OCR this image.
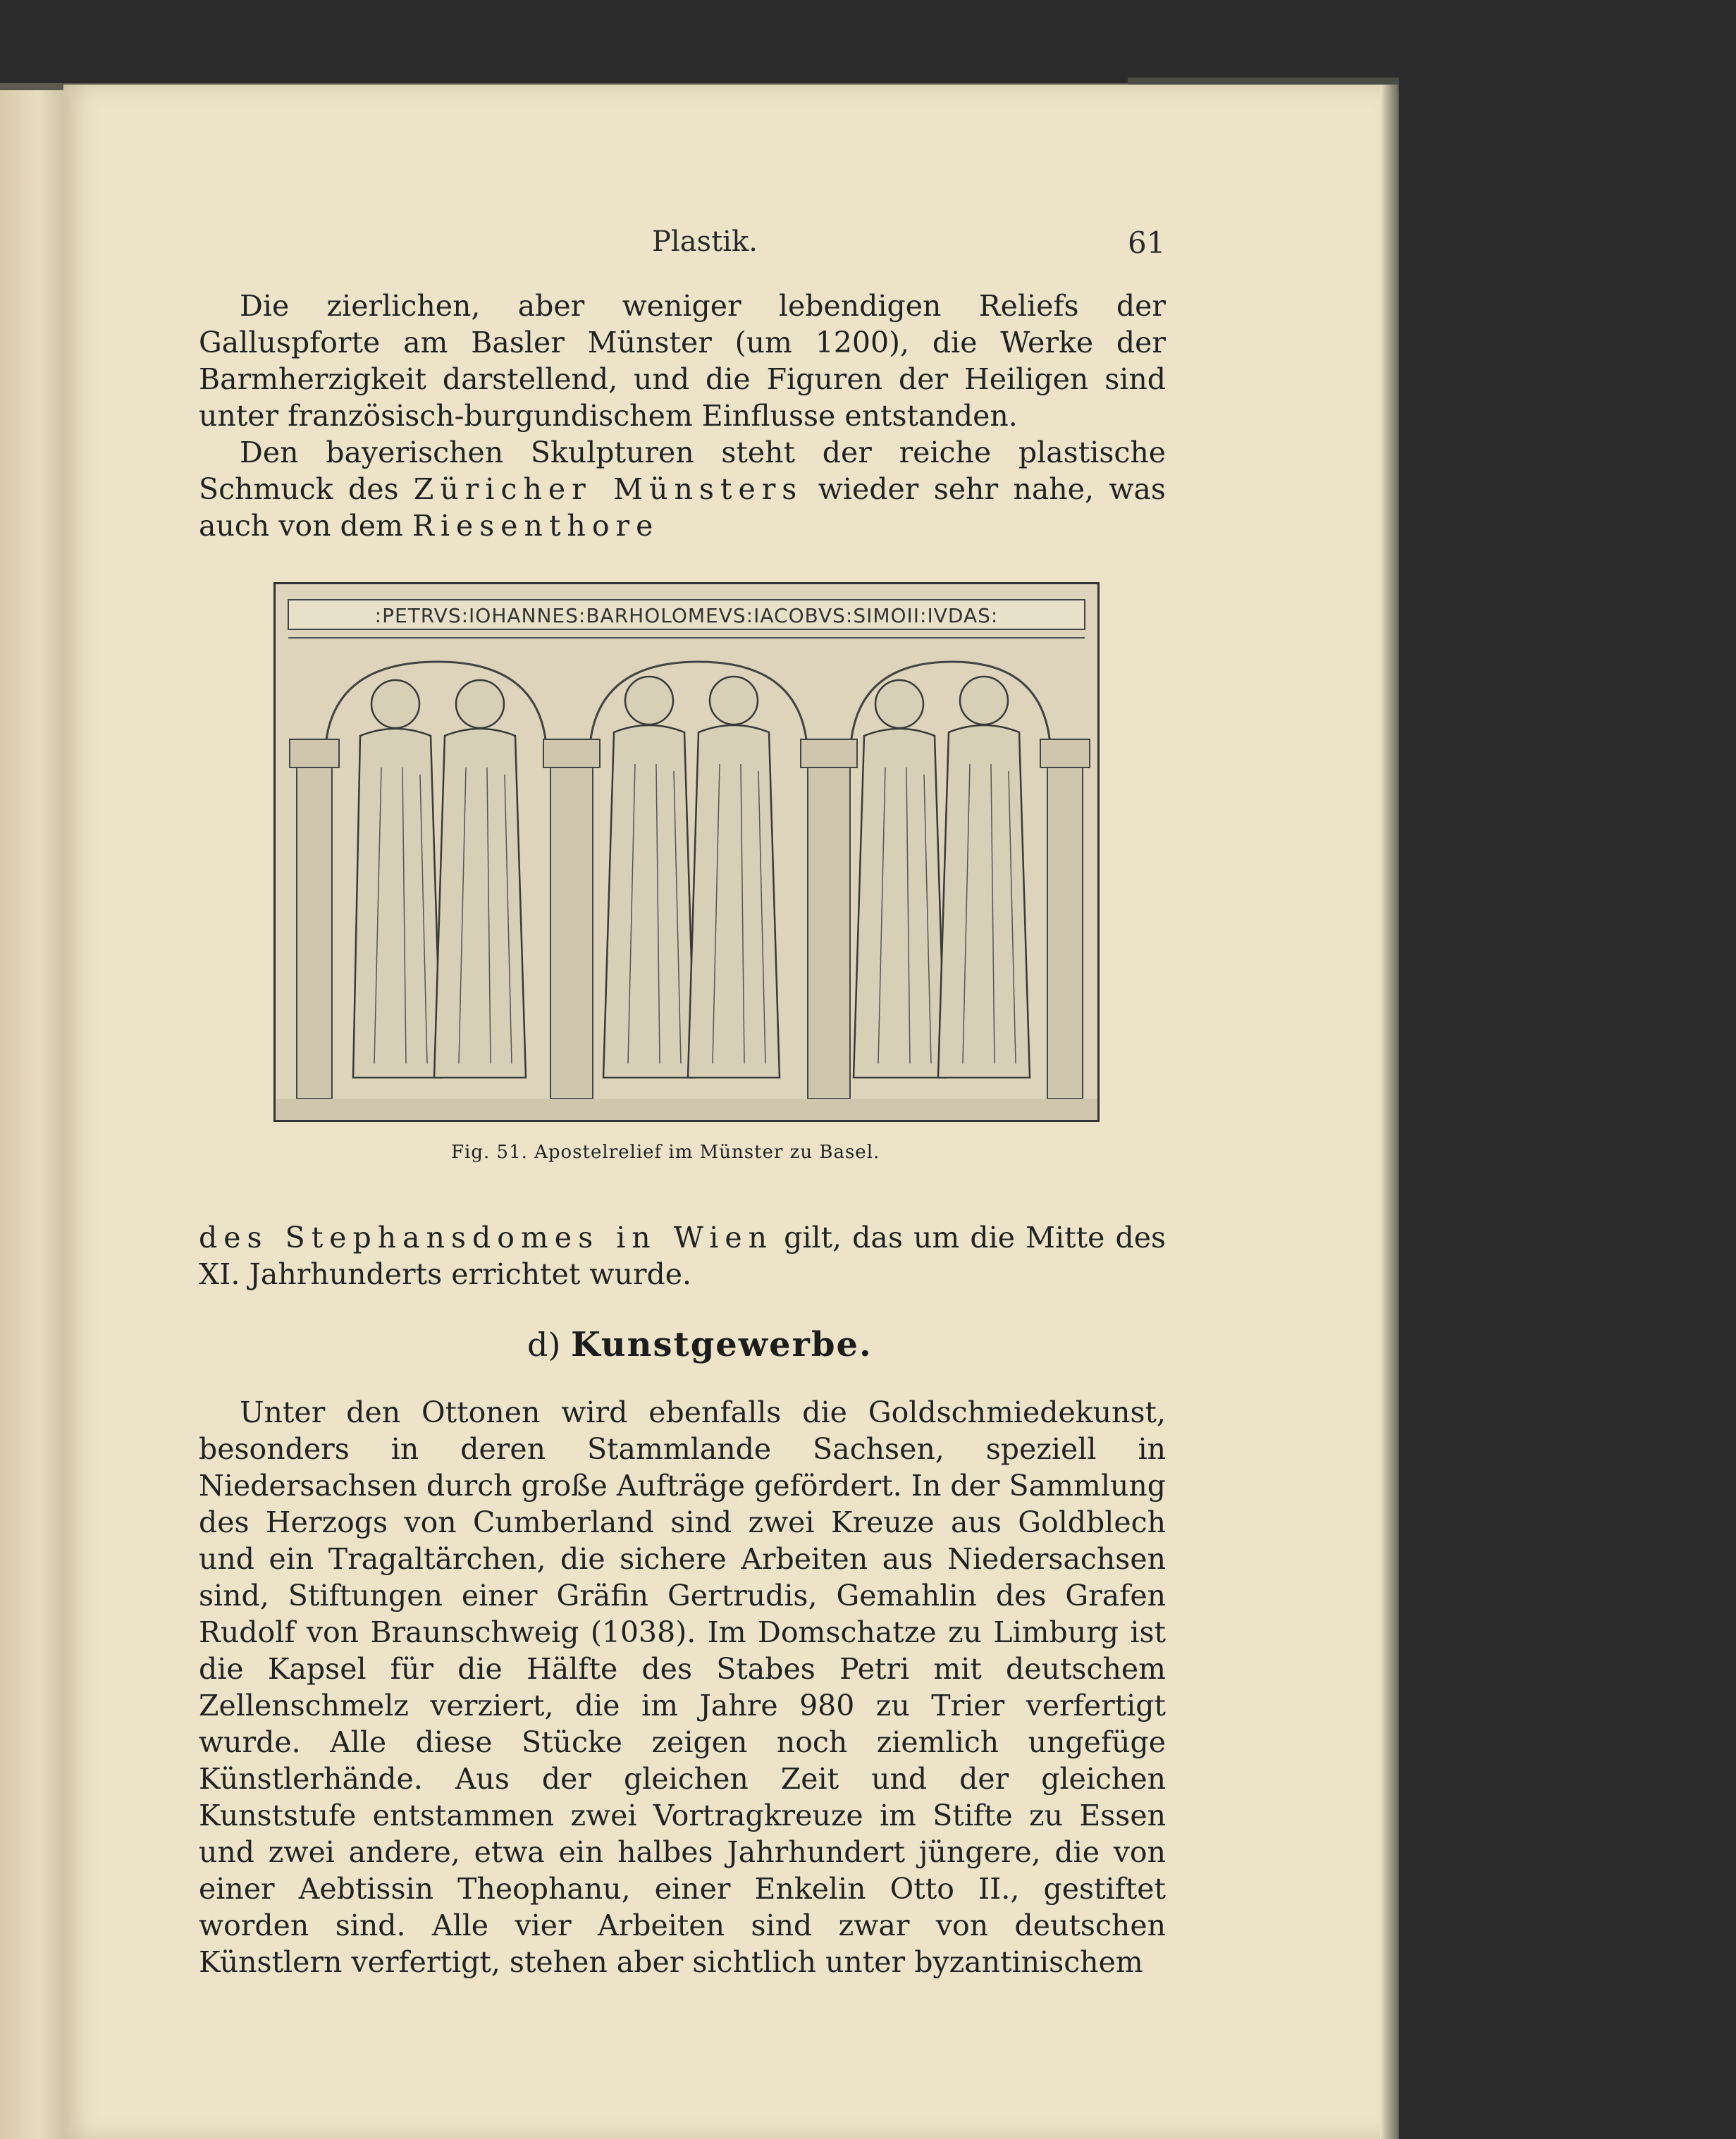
Plastik.	61

Die zierlichen, aber weniger lebendigen Reliefs der Galluspforte am Basler Münster (um 1200), die Werke der Barmherzigkeit darstellend, und die Figuren der Heiligen sind unter französisch-burgundischem Einflusse entstanden.

Den bayerischen Skulpturen steht der reiche plastische Schmuck des Züricher Münsters wieder sehr nahe, was auch von dem Riesenthore

:PETRVS:IOHANNES:BARHOLOMEVS:IACOBVS:SIMOII:IVDAS:
Fig. 51. Apostelrelief im Münster zu Basel.

des Stephansdomes in Wien gilt, das um die Mitte des XI. Jahrhunderts errichtet wurde.

d) Kunstgewerbe.

Unter den Ottonen wird ebenfalls die Goldschmiedekunst, besonders in deren Stammlande Sachsen, speziell in Niedersachsen durch große Aufträge gefördert. In der Sammlung des Herzogs von Cumberland sind zwei Kreuze aus Goldblech und ein Tragaltärchen, die sichere Arbeiten aus Niedersachsen sind, Stiftungen einer Gräfin Gertrudis, Gemahlin des Grafen Rudolf von Braunschweig (1038). Im Domschatze zu Limburg ist die Kapsel für die Hälfte des Stabes Petri mit deutschem Zellenschmelz verziert, die im Jahre 980 zu Trier verfertigt wurde. Alle diese Stücke zeigen noch ziemlich ungefüge Künstlerhände. Aus der gleichen Zeit und der gleichen Kunststufe entstammen zwei Vortragkreuze im Stifte zu Essen und zwei andere, etwa ein halbes Jahrhundert jüngere, die von einer Aebtissin Theophanu, einer Enkelin Otto II., gestiftet worden sind. Alle vier Arbeiten sind zwar von deutschen Künstlern verfertigt, stehen aber sichtlich unter byzantinischem
